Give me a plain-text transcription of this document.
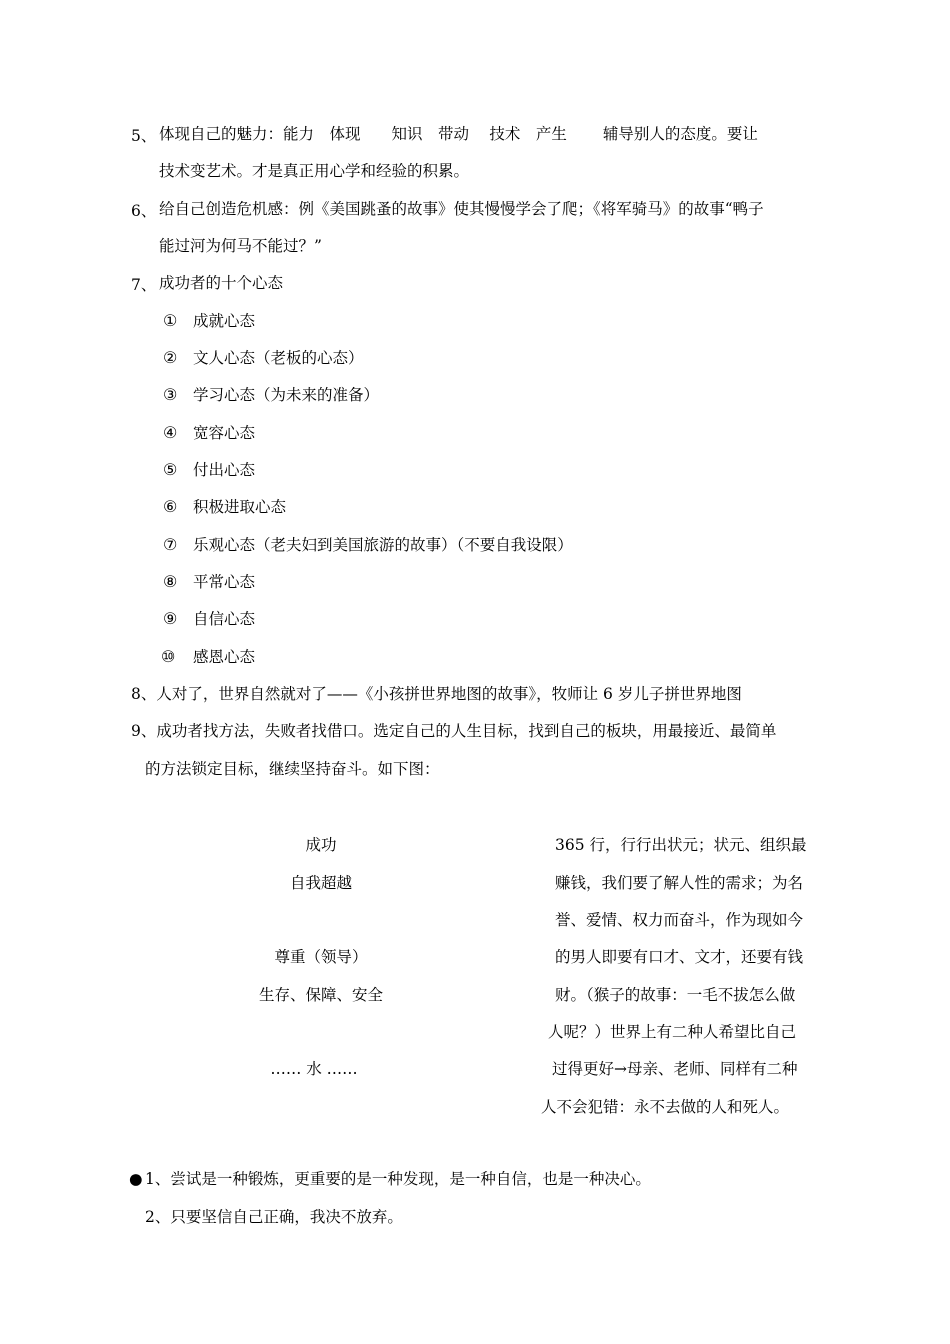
5、 体现自己的魅力：能力　体现　　知识　带动　 技术　产生　　 辅导别人的态度。要让
技术变艺术。才是真正用心学和经验的积累。
6、 给自己创造危机感：例《美国跳蚤的故事》使其慢慢学会了爬；《将军骑马》的故事“鸭子
能过河为何马不能过？”
7、 成功者的十个心态
① 成就心态
② 文人心态（老板的心态）
③ 学习心态（为未来的准备）
④ 宽容心态
⑤ 付出心态
⑥ 积极进取心态
⑦ 乐观心态（老夫妇到美国旅游的故事）（不要自我设限）
⑧ 平常心态
⑨ 自信心态
⑩ 感恩心态
8、人对了，世界自然就对了——《小孩拼世界地图的故事》，牧师让 6 岁儿子拼世界地图
9、成功者找方法，失败者找借口。选定自己的人生目标，找到自己的板块，用最接近、最简单
的方法锁定目标，继续坚持奋斗。如下图：
成功
自我超越
尊重（领导）
生存、保障、安全
…… 水 ……
365 行，行行出状元；状元、组织最
赚钱，我们要了解人性的需求；为名
誉、爱情、权力而奋斗，作为现如今
的男人即要有口才、文才，还要有钱
财。（猴子的故事：一毛不拔怎么做
人呢？）世界上有二种人希望比自己
过得更好→母亲、老师、同样有二种
人不会犯错：永不去做的人和死人。
● 1、尝试是一种锻炼，更重要的是一种发现，是一种自信，也是一种决心。
2、只要坚信自己正确，我决不放弃。
